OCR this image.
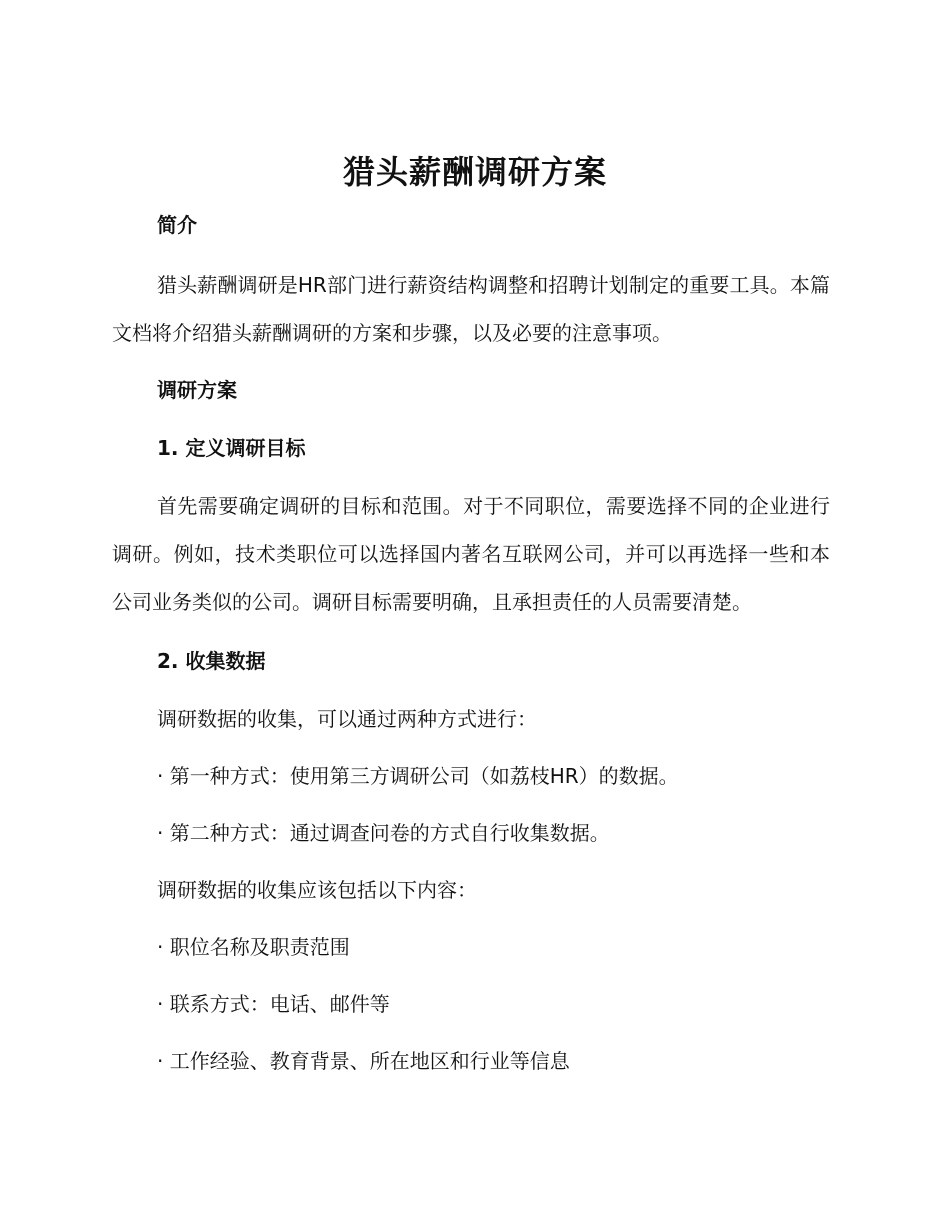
猎头薪酬调研方案
简介

猎头薪酬调研是HR部门进行薪资结构调整和招聘计划制定的重要工具。本篇文档将介绍猎头薪酬调研的方案和步骤，以及必要的注意事项。

调研方案
1. 定义调研目标

首先需要确定调研的目标和范围。对于不同职位，需要选择不同的企业进行调研。例如，技术类职位可以选择国内著名互联网公司，并可以再选择一些和本公司业务类似的公司。调研目标需要明确，且承担责任的人员需要清楚。

2. 收集数据

调研数据的收集，可以通过两种方式进行：

· 第一种方式：使用第三方调研公司（如荔枝HR）的数据。

· 第二种方式：通过调查问卷的方式自行收集数据。

调研数据的收集应该包括以下内容：

· 职位名称及职责范围

· 联系方式：电话、邮件等

· 工作经验、教育背景、所在地区和行业等信息
